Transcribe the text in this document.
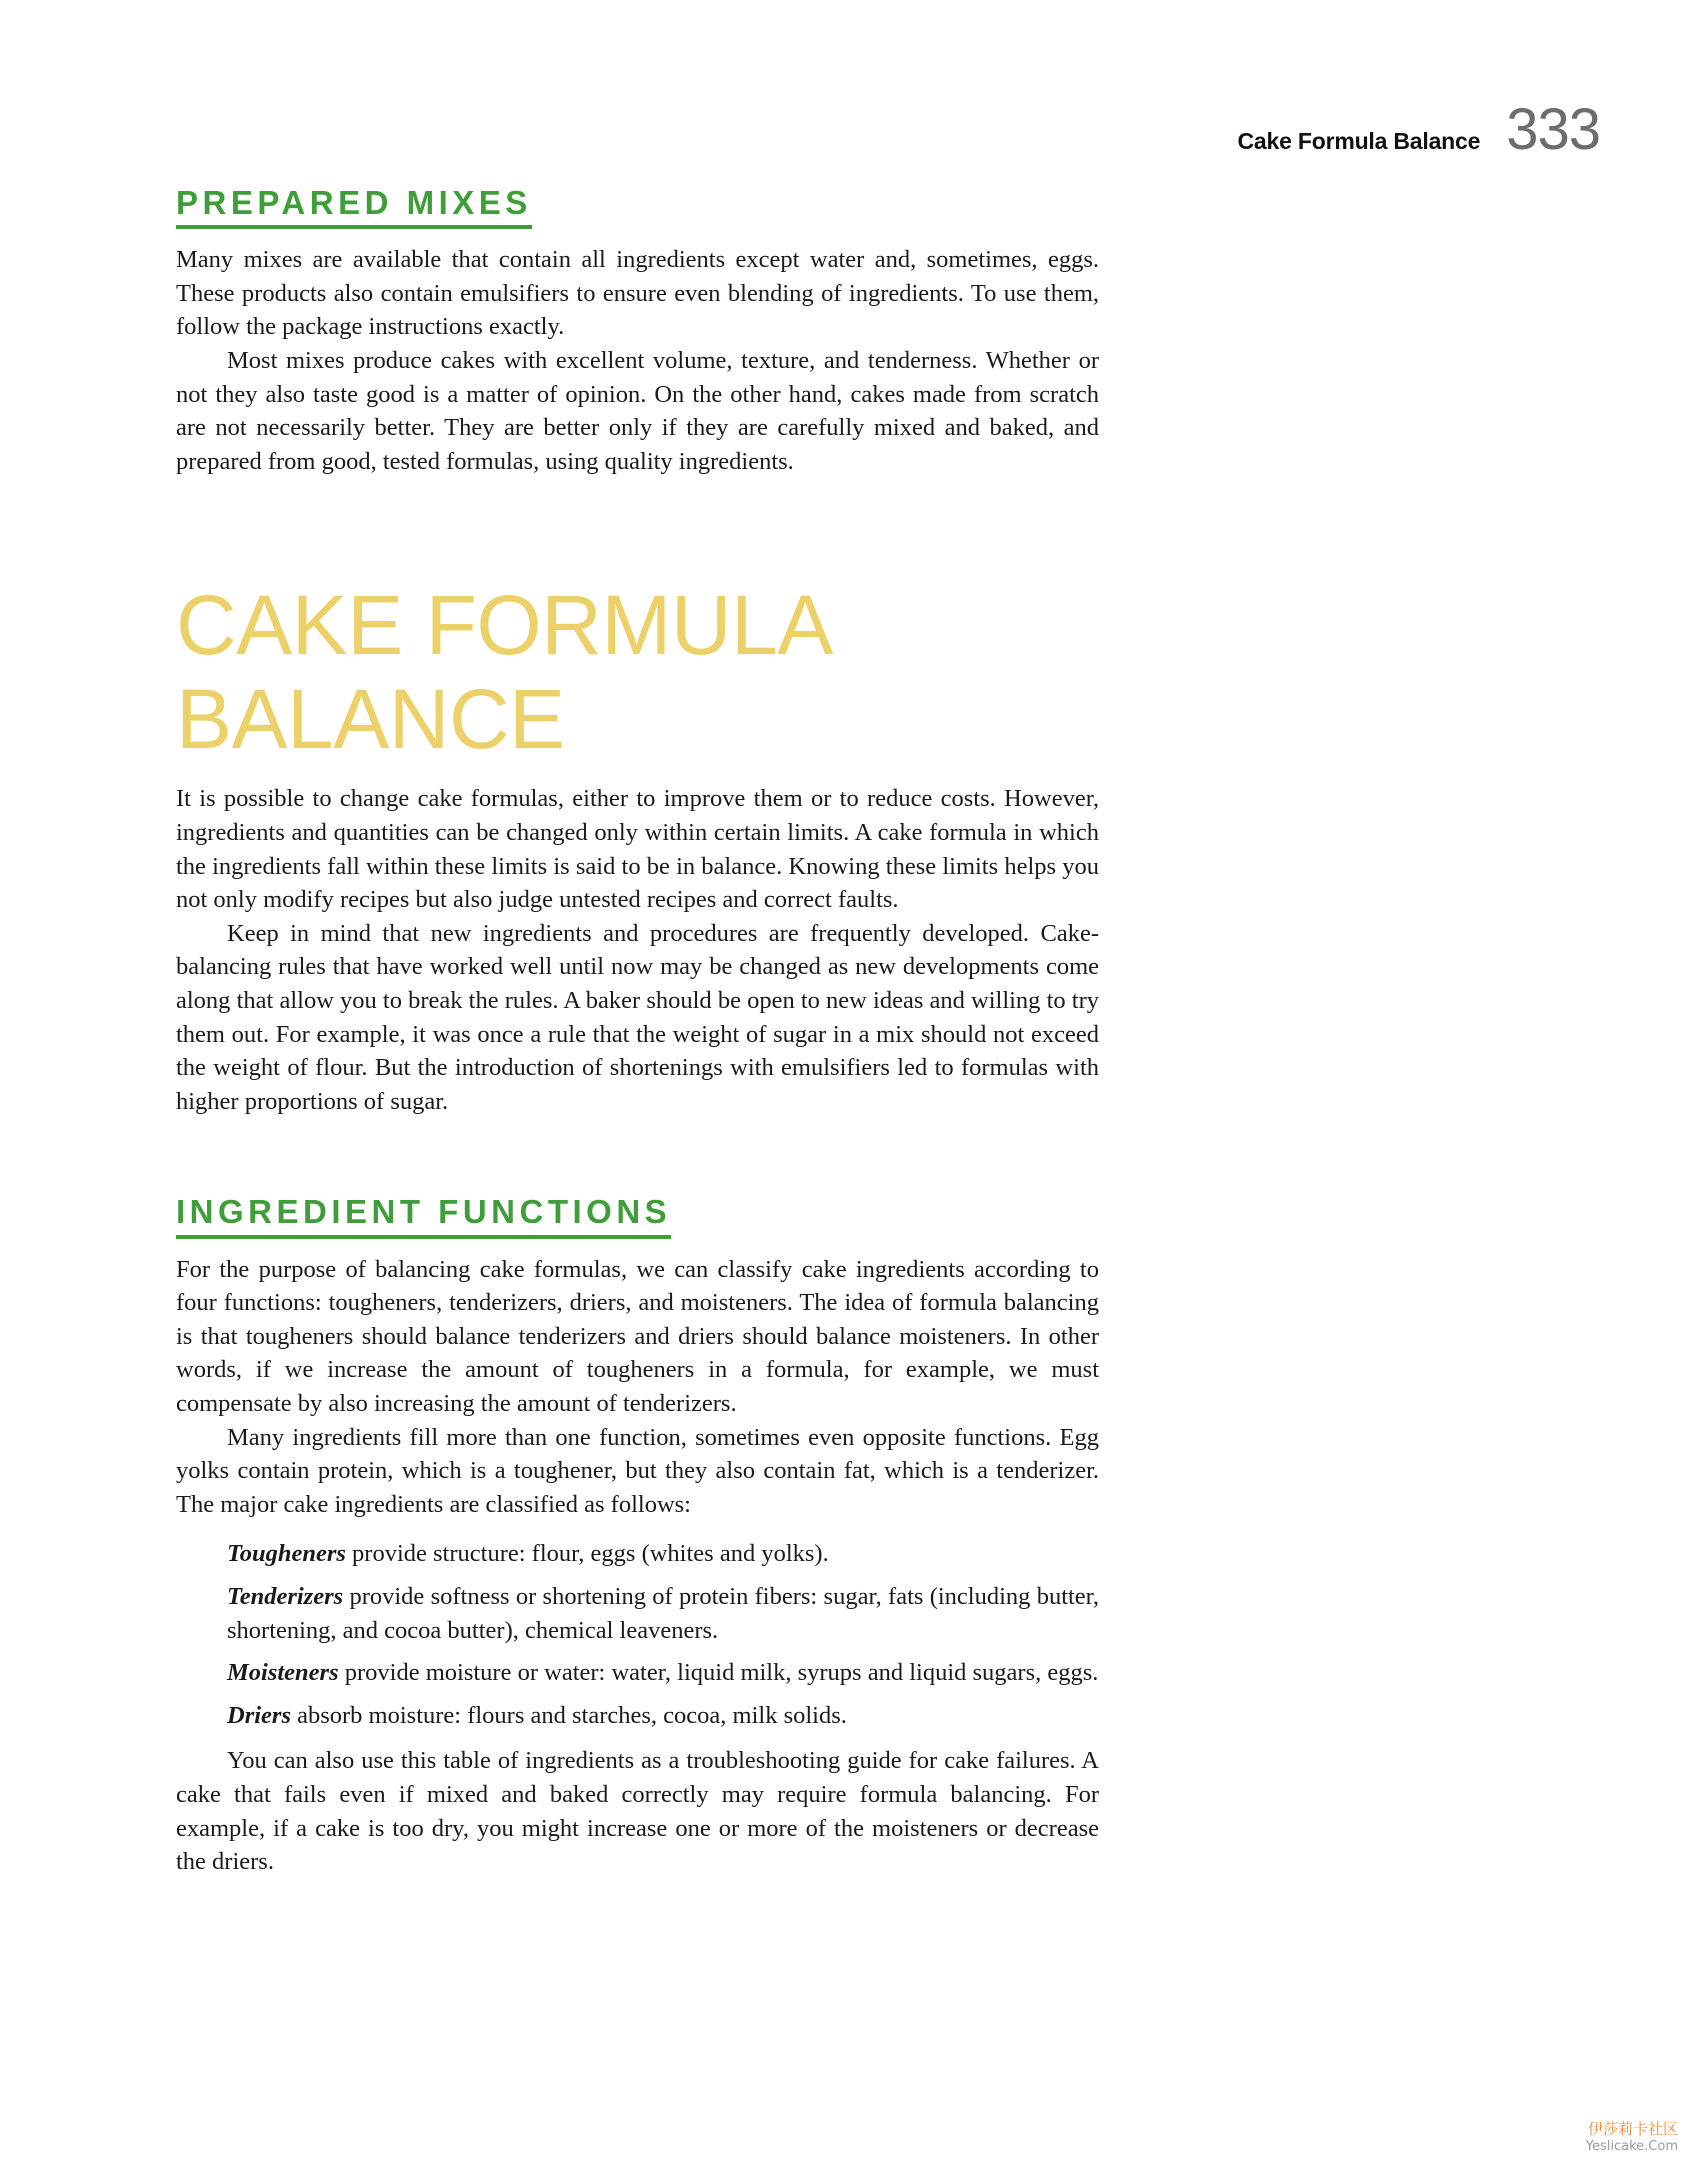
Cake Formula Balance 333
PREPARED MIXES

Many mixes are available that contain all ingredients except water and, sometimes, eggs. These products also contain emulsifiers to ensure even blending of ingredients. To use them, follow the package instructions exactly.

Most mixes produce cakes with excellent volume, texture, and tenderness. Whether or not they also taste good is a matter of opinion. On the other hand, cakes made from scratch are not necessarily better. They are better only if they are carefully mixed and baked, and prepared from good, tested formulas, using quality ingredients.

CAKE FORMULA
BALANCE

It is possible to change cake formulas, either to improve them or to reduce costs. However, ingredients and quantities can be changed only within certain limits. A cake formula in which the ingredients fall within these limits is said to be in balance. Knowing these limits helps you not only modify recipes but also judge untested recipes and correct faults.

Keep in mind that new ingredients and procedures are frequently developed. Cake-balancing rules that have worked well until now may be changed as new developments come along that allow you to break the rules. A baker should be open to new ideas and willing to try them out. For example, it was once a rule that the weight of sugar in a mix should not exceed the weight of flour. But the introduction of shortenings with emulsifiers led to formulas with higher proportions of sugar.

INGREDIENT FUNCTIONS

For the purpose of balancing cake formulas, we can classify cake ingredients according to four functions: tougheners, tenderizers, driers, and moisteners. The idea of formula balancing is that tougheners should balance tenderizers and driers should balance moisteners. In other words, if we increase the amount of tougheners in a formula, for example, we must compensate by also increasing the amount of tenderizers.

Many ingredients fill more than one function, sometimes even opposite functions. Egg yolks contain protein, which is a toughener, but they also contain fat, which is a tenderizer. The major cake ingredients are classified as follows:

Tougheners provide structure: flour, eggs (whites and yolks).

Tenderizers provide softness or shortening of protein fibers: sugar, fats (including butter, shortening, and cocoa butter), chemical leaveners.

Moisteners provide moisture or water: water, liquid milk, syrups and liquid sugars, eggs.

Driers absorb moisture: flours and starches, cocoa, milk solids.

You can also use this table of ingredients as a troubleshooting guide for cake failures. A cake that fails even if mixed and baked correctly may require formula balancing. For example, if a cake is too dry, you might increase one or more of the moisteners or decrease the driers.

伊莎莉卡社区
Yeslicake.Com
